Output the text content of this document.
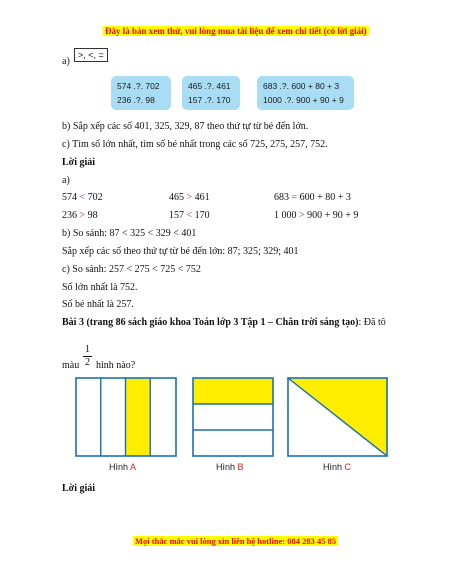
Đây là bản xem thử, vui lòng mua tài liệu để xem chi tiết (có lời giải)
a)
>, <, =
574 .?. 702
236 .?. 98
465 .?. 461
157 .?. 170
683 .?. 600 + 80 + 3
1000 .?. 900 + 90 + 9
b) Sắp xếp các số 401, 325, 329, 87 theo thứ tự từ bé đến lớn.
c) Tìm số lớn nhất, tìm số bé nhất trong các số 725, 275, 257, 752.
Lời giải
a)
574 < 702	465 > 461	683 = 600 + 80 + 3
236 > 98	157 < 170	1 000 > 900 + 90 + 9
b) So sánh: 87 < 325 < 329 < 401
Sắp xếp các số theo thứ tự từ bé đến lớn: 87; 325; 329; 401
c) So sánh: 257 < 275 < 725 < 752
Số lớn nhất là 752.
Số bé nhất là 257.
Bài 3 (trang 86 sách giáo khoa Toán lớp 3 Tập 1 – Chân trời sáng tạo): Đã tô
màu
1
2 hình nào?
Hình A	Hình B	Hình C
Lời giải
Mọi thắc mắc vui lòng xin liên hệ hotline: 084 283 45 85
